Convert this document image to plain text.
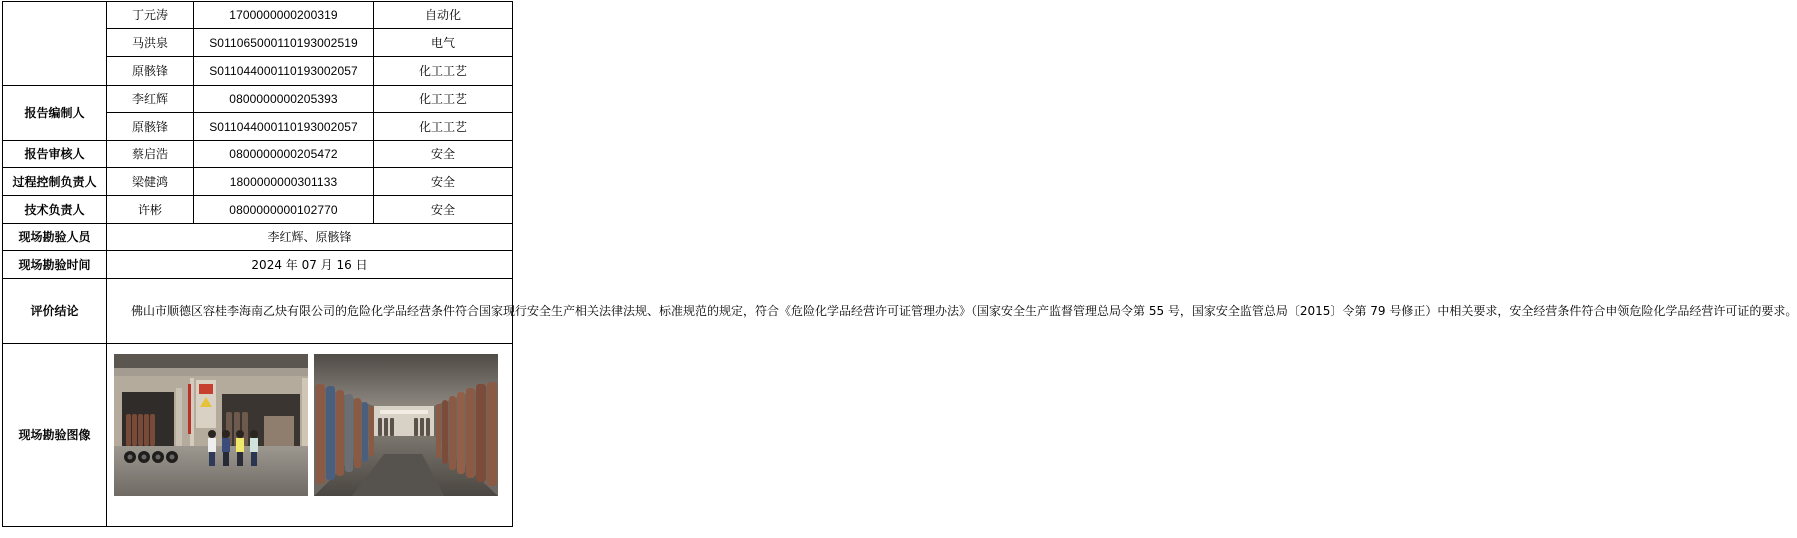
	丁元涛	1700000000200319	自动化
	马洪泉	S011065000110193002519	电气
	原骸锋	S011044000110193002057	化工工艺
报告编制人	李红辉	0800000000205393	化工工艺
	原骸锋	S011044000110193002057	化工工艺
报告审核人	蔡启浩	0800000000205472	安全
过程控制负责人	梁健鸿	1800000000301133	安全
技术负责人	许彬	0800000000102770	安全
现场勘验人员	李红辉、原骸锋		
现场勘验时间	2024 年 07 月 16 日		
评价结论	佛山市顺德区容桂李海南乙炔有限公司的危险化学品经营条件符合国家现行安全生产相关法律法规、标准规范的规定，符合《危险化学品经营许可证管理办法》（国家安全生产监督管理总局令第 55 号，国家安全监管总局〔2015〕令第 79 号修正）中相关要求，安全经营条件符合申领危险化学品经营许可证的要求。		

现场勘验图像	
